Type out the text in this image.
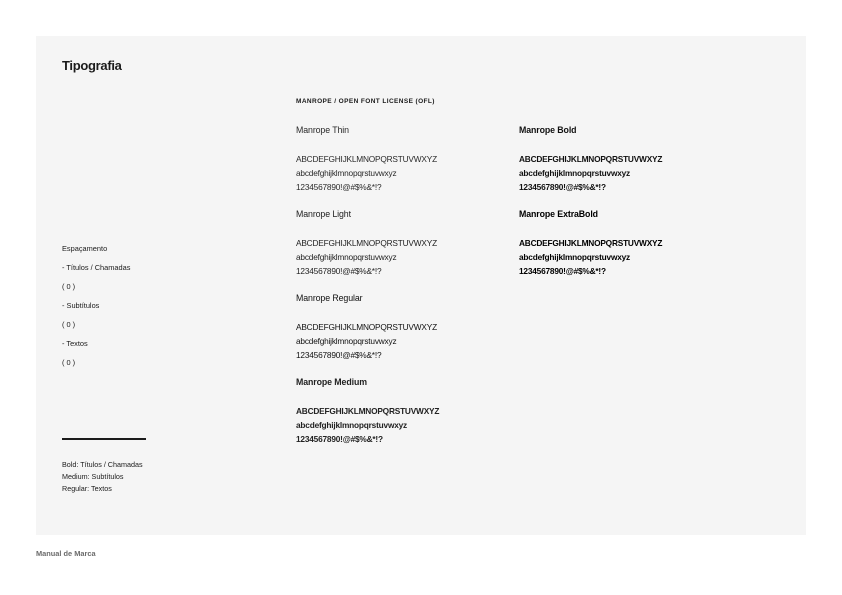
Tipografia
MANROPE / OPEN FONT LICENSE (OFL)
Espaçamento
- Títulos / Chamadas
( 0 )
- Subtítulos
( 0 )
- Textos
( 0 )
Bold: Títulos / Chamadas
Medium: Subtítulos
Regular: Textos
Manrope Thin
ABCDEFGHIJKLMNOPQRSTUVWXYZ
abcdefghijklmnopqrstuvwxyz
1234567890!@#$%&*!?
Manrope Light
ABCDEFGHIJKLMNOPQRSTUVWXYZ
abcdefghijklmnopqrstuvwxyz
1234567890!@#$%&*!?
Manrope Regular
ABCDEFGHIJKLMNOPQRSTUVWXYZ
abcdefghijklmnopqrstuvwxyz
1234567890!@#$%&*!?
Manrope Medium
ABCDEFGHIJKLMNOPQRSTUVWXYZ
abcdefghijklmnopqrstuvwxyz
1234567890!@#$%&*!?
Manrope Bold
ABCDEFGHIJKLMNOPQRSTUVWXYZ
abcdefghijklmnopqrstuvwxyz
1234567890!@#$%&*!?
Manrope ExtraBold
ABCDEFGHIJKLMNOPQRSTUVWXYZ
abcdefghijklmnopqrstuvwxyz
1234567890!@#$%&*!?
Manual de Marca
